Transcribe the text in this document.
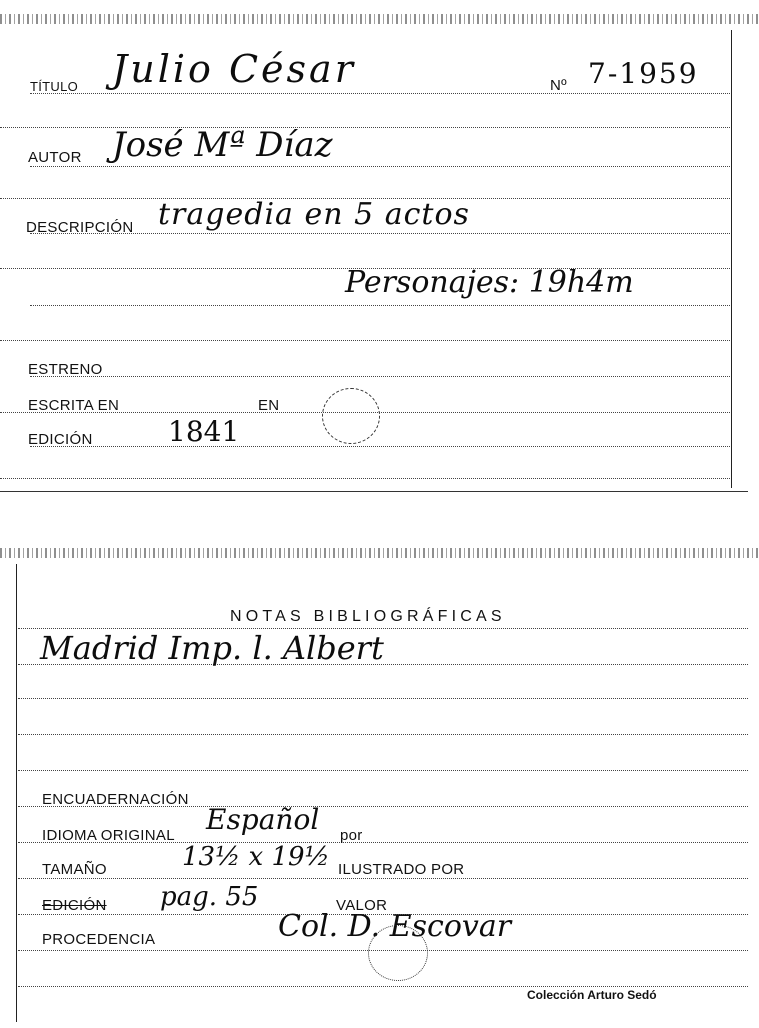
TÍTULO Julio César	Nº 7-1959
AUTOR José Mª Díaz
DESCRIPCIÓN tragedia en 5 actos
Personajes: 19h4m
ESTRENO
ESCRITA EN	EN
EDICIÓN	1841
NOTAS BIBLIOGRÁFICAS
Madrid Imp. l. Albert
ENCUADERNACIÓN
IDIOMA ORIGINAL Español por
TAMAÑO	13½ x 19½ ILUSTRADO POR
EDICIÓN pag. 55	VALOR
PROCEDENCIA	Col. D. Escovar
Colección Arturo Sedó
